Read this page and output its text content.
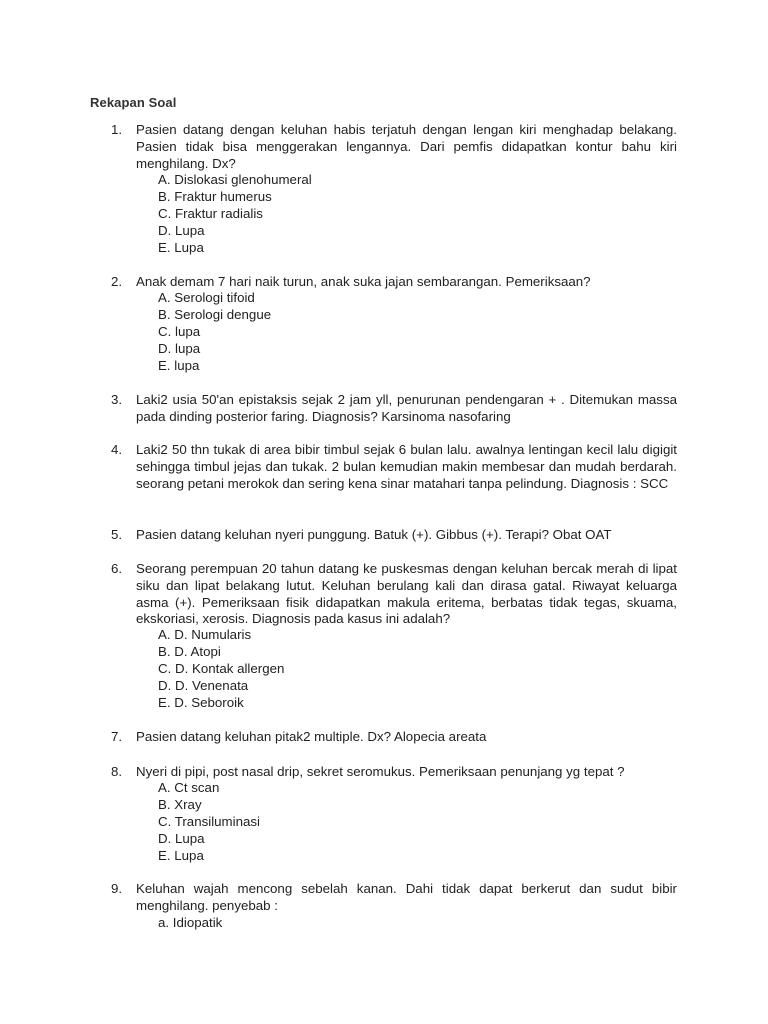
Rekapan Soal
1. Pasien datang dengan keluhan habis terjatuh dengan lengan kiri menghadap belakang. Pasien tidak bisa menggerakan lengannya. Dari pemfis didapatkan kontur bahu kiri menghilang. Dx?
A. Dislokasi glenohumeral
B. Fraktur humerus
C. Fraktur radialis
D. Lupa
E. Lupa
2. Anak demam 7 hari naik turun, anak suka jajan sembarangan. Pemeriksaan?
A. Serologi tifoid
B. Serologi dengue
C. lupa
D. lupa
E. lupa
3. Laki2 usia 50'an epistaksis sejak 2 jam yll, penurunan pendengaran + . Ditemukan massa pada dinding posterior faring. Diagnosis? Karsinoma nasofaring
4. Laki2 50 thn tukak di area bibir timbul sejak 6 bulan lalu. awalnya lentingan kecil lalu digigit sehingga timbul jejas dan tukak. 2 bulan kemudian makin membesar dan mudah berdarah. seorang petani merokok dan sering kena sinar matahari tanpa pelindung. Diagnosis : SCC
5. Pasien datang keluhan nyeri punggung. Batuk (+). Gibbus (+). Terapi? Obat OAT
6. Seorang perempuan 20 tahun datang ke puskesmas dengan keluhan bercak merah di lipat siku dan lipat belakang lutut. Keluhan berulang kali dan dirasa gatal. Riwayat keluarga asma (+). Pemeriksaan fisik didapatkan makula eritema, berbatas tidak tegas, skuama, ekskoriasi, xerosis. Diagnosis pada kasus ini adalah?
A. D. Numularis
B. D. Atopi
C. D. Kontak allergen
D. D. Venenata
E. D. Seboroik
7. Pasien datang keluhan pitak2 multiple. Dx? Alopecia areata
8. Nyeri di pipi, post nasal drip, sekret seromukus. Pemeriksaan penunjang yg tepat ?
A. Ct scan
B. Xray
C. Transiluminasi
D. Lupa
E. Lupa
9. Keluhan wajah mencong sebelah kanan. Dahi tidak dapat berkerut dan sudut bibir menghilang. penyebab :
a. Idiopatik
